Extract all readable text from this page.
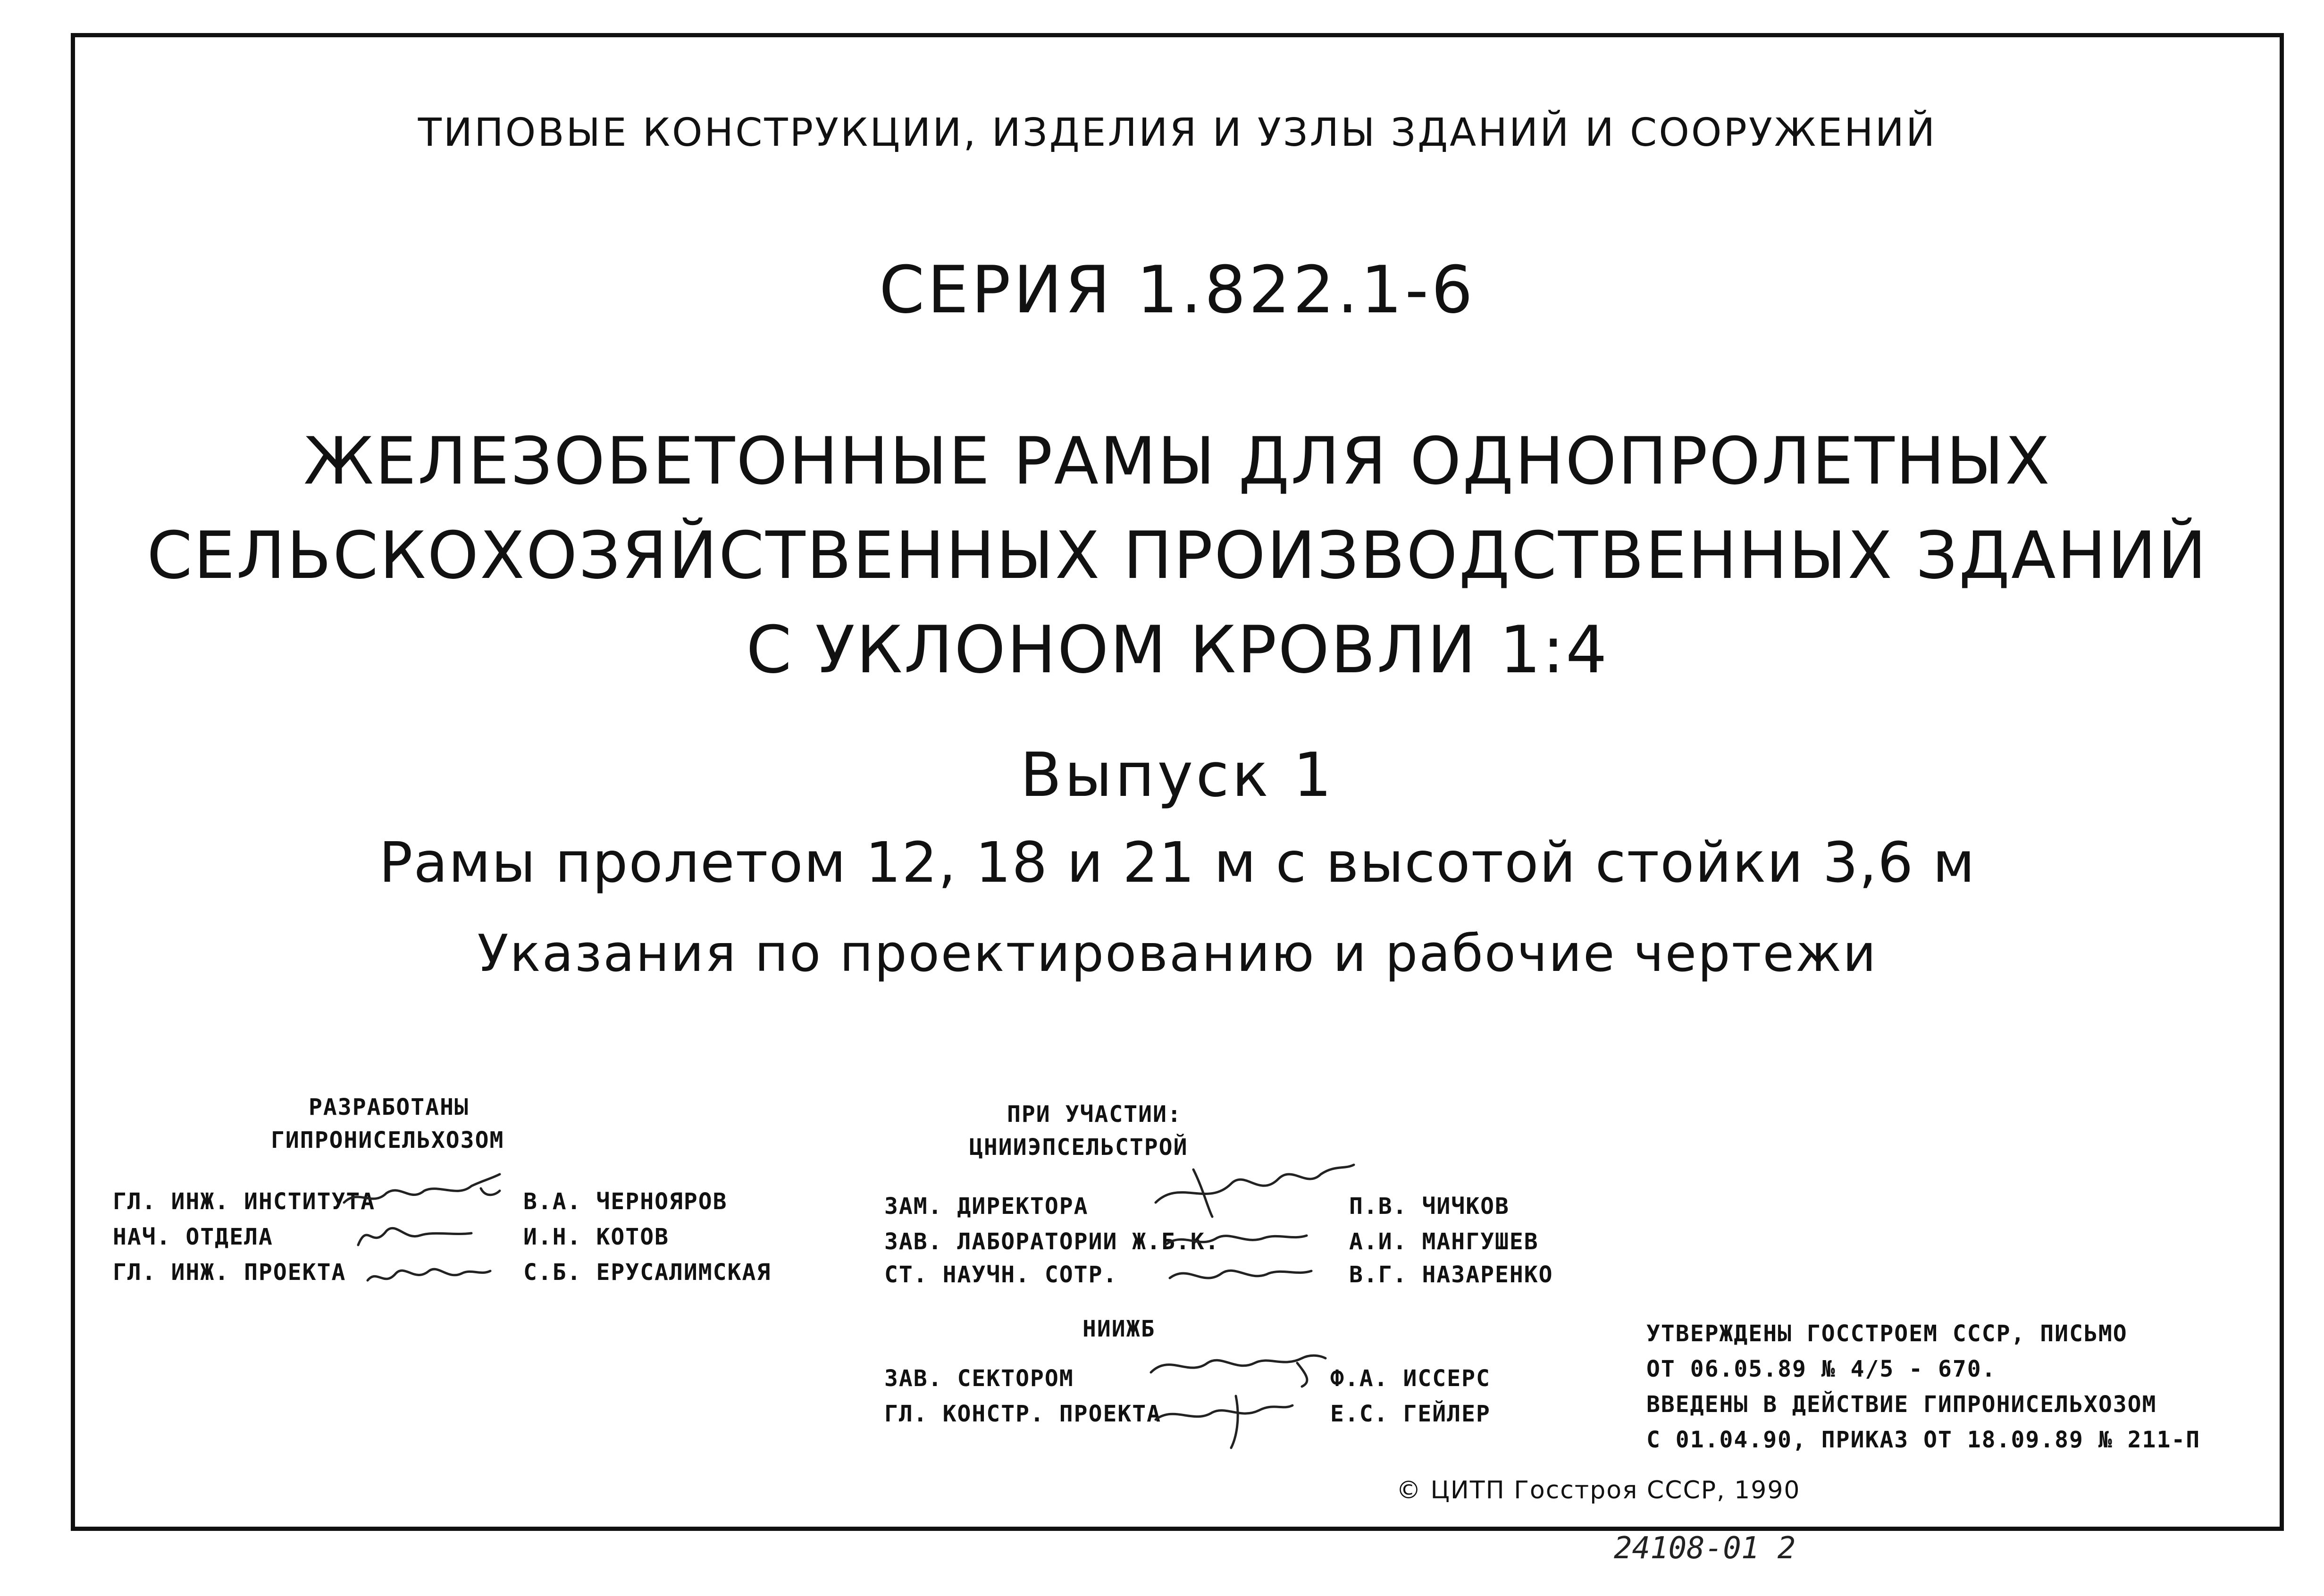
ТИПОВЫЕ КОНСТРУКЦИИ, ИЗДЕЛИЯ И УЗЛЫ ЗДАНИЙ И СООРУЖЕНИЙ
СЕРИЯ 1.822.1-6
ЖЕЛЕЗОБЕТОННЫЕ РАМЫ ДЛЯ ОДНОПРОЛЕТНЫХ
СЕЛЬСКОХОЗЯЙСТВЕННЫХ ПРОИЗВОДСТВЕННЫХ ЗДАНИЙ
С УКЛОНОМ КРОВЛИ 1:4
Выпуск 1
Рамы пролетом 12, 18 и 21 м с высотой стойки 3,6 м
Указания по проектированию и рабочие чертежи
РАЗРАБОТАНЫ
ГИПРОНИСЕЛЬХОЗОМ
ГЛ. ИНЖ. ИНСТИТУТА	В.А. ЧЕРНОЯРОВ
НАЧ. ОТДЕЛА	И.Н. КОТОВ
ГЛ. ИНЖ. ПРОЕКТА	С.Б. ЕРУСАЛИМСКАЯ
ПРИ УЧАСТИИ:
ЦНИИЭПСЕЛЬСТРОЙ
ЗАМ. ДИРЕКТОРА	П.В. ЧИЧКОВ
ЗАВ. ЛАБОРАТОРИИ Ж.Б.К.	А.И. МАНГУШЕВ
СТ. НАУЧН. СОТР.	В.Г. НАЗАРЕНКО
НИИЖБ
ЗАВ. СЕКТОРОМ	Ф.А. ИССЕРС
ГЛ. КОНСТР. ПРОЕКТА	Е.С. ГЕЙЛЕР
УТВЕРЖДЕНЫ ГОССТРОЕМ СССР, ПИСЬМО
ОТ 06.05.89 № 4/5 - 670.
ВВЕДЕНЫ В ДЕЙСТВИЕ ГИПРОНИСЕЛЬХОЗОМ
С 01.04.90, ПРИКАЗ ОТ 18.09.89 № 211-П
© ЦИТП Госстроя СССР, 1990
24108-01 2
